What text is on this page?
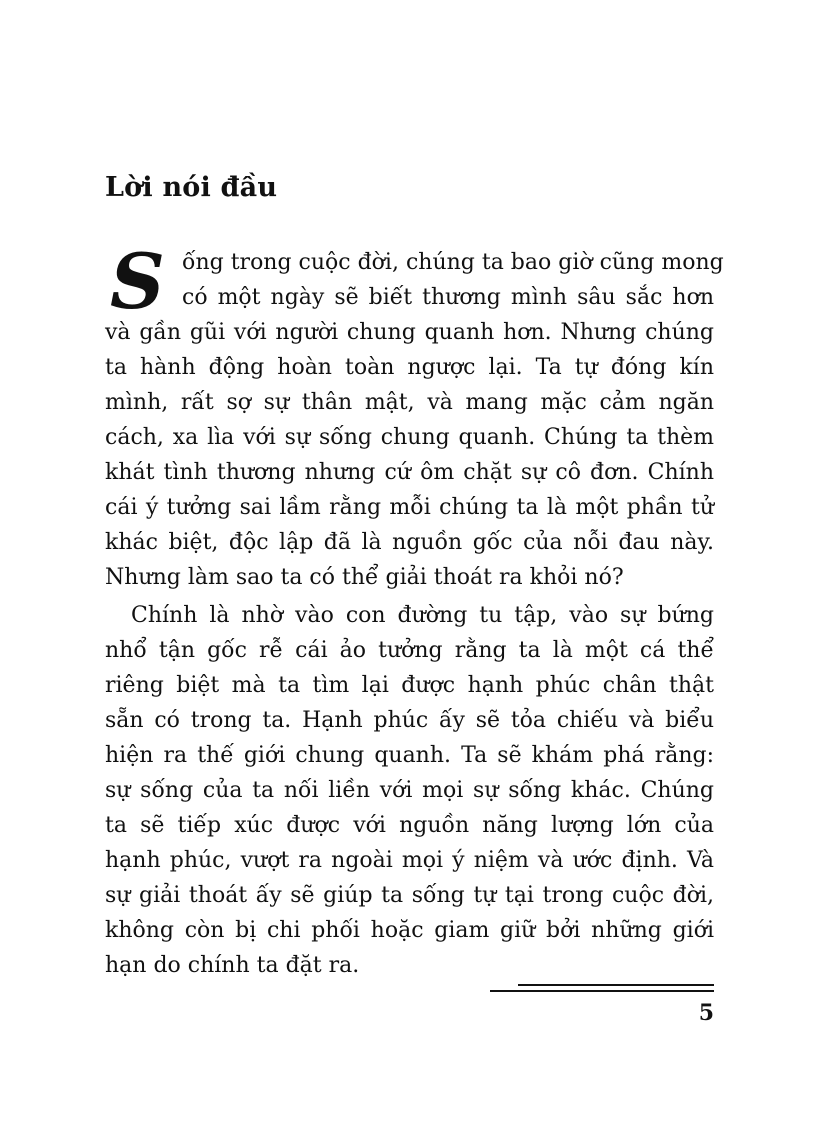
Lời nói đầu
S ống trong cuộc đời, chúng ta bao giờ cũng mong
có một ngày sẽ biết thương mình sâu sắc hơn
và gần gũi với người chung quanh hơn. Nhưng chúng
ta hành động hoàn toàn ngược lại. Ta tự đóng kín
mình, rất sợ sự thân mật, và mang mặc cảm ngăn
cách, xa lìa với sự sống chung quanh. Chúng ta thèm
khát tình thương nhưng cứ ôm chặt sự cô đơn. Chính
cái ý tưởng sai lầm rằng mỗi chúng ta là một phần tử
khác biệt, độc lập đã là nguồn gốc của nỗi đau này.
Nhưng làm sao ta có thể giải thoát ra khỏi nó?
Chính là nhờ vào con đường tu tập, vào sự bứng
nhổ tận gốc rễ cái ảo tưởng rằng ta là một cá thể
riêng biệt mà ta tìm lại được hạnh phúc chân thật
sẵn có trong ta. Hạnh phúc ấy sẽ tỏa chiếu và biểu
hiện ra thế giới chung quanh. Ta sẽ khám phá rằng:
sự sống của ta nối liền với mọi sự sống khác. Chúng
ta sẽ tiếp xúc được với nguồn năng lượng lớn của
hạnh phúc, vượt ra ngoài mọi ý niệm và ước định. Và
sự giải thoát ấy sẽ giúp ta sống tự tại trong cuộc đời,
không còn bị chi phối hoặc giam giữ bởi những giới
hạn do chính ta đặt ra.
5
